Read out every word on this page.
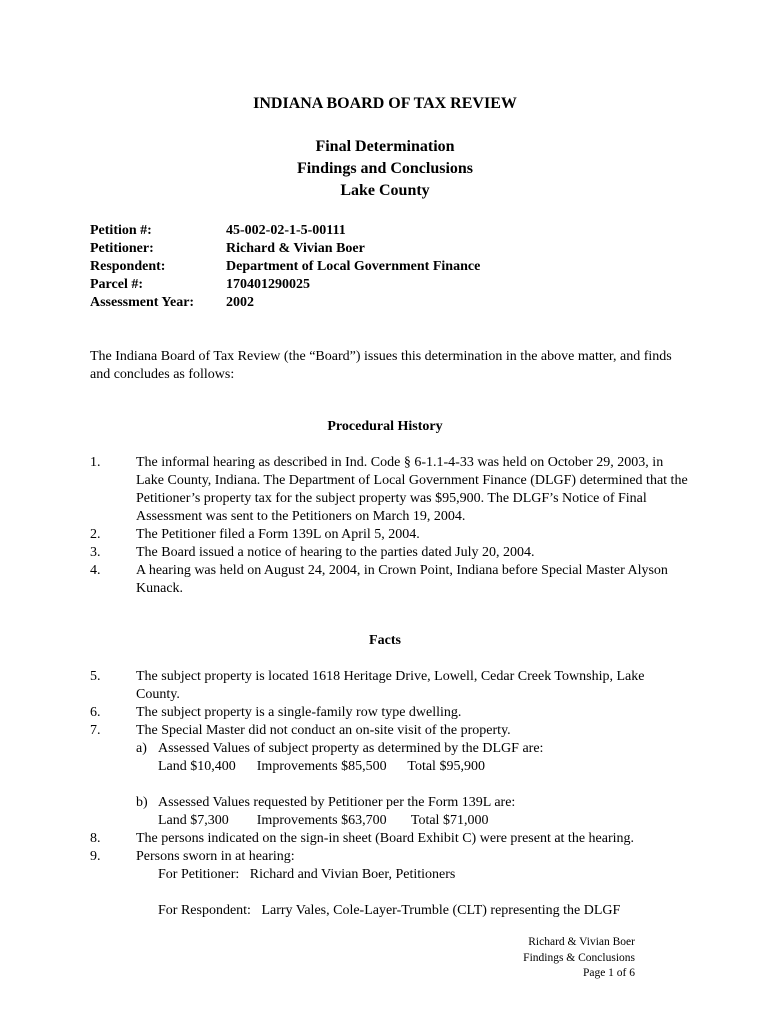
INDIANA BOARD OF TAX REVIEW
Final Determination
Findings and Conclusions
Lake County
Petition #:	45-002-02-1-5-00111
Petitioner:	Richard & Vivian Boer
Respondent:	Department of Local Government Finance
Parcel #:	170401290025
Assessment Year: 2002
The Indiana Board of Tax Review (the “Board”) issues this determination in the above matter, and finds and concludes as follows:
Procedural History
1.	The informal hearing as described in Ind. Code § 6-1.1-4-33 was held on October 29, 2003, in Lake County, Indiana. The Department of Local Government Finance (DLGF) determined that the Petitioner’s property tax for the subject property was $95,900. The DLGF’s Notice of Final Assessment was sent to the Petitioners on March 19, 2004.
2.	The Petitioner filed a Form 139L on April 5, 2004.
3.	The Board issued a notice of hearing to the parties dated July 20, 2004.
4.	A hearing was held on August 24, 2004, in Crown Point, Indiana before Special Master Alyson Kunack.
Facts
5.	The subject property is located 1618 Heritage Drive, Lowell, Cedar Creek Township, Lake County.
6.	The subject property is a single-family row type dwelling.
7.	The Special Master did not conduct an on-site visit of the property.
a) Assessed Values of subject property as determined by the DLGF are:
Land $10,400      Improvements $85,500      Total $95,900
b) Assessed Values requested by Petitioner per the Form 139L are:
Land $7,300        Improvements $63,700       Total $71,000
8.	The persons indicated on the sign-in sheet (Board Exhibit C) were present at the hearing.
9.	Persons sworn in at hearing:
For Petitioner:   Richard and Vivian Boer, Petitioners
For Respondent:   Larry Vales, Cole-Layer-Trumble (CLT) representing the DLGF
Richard & Vivian Boer
Findings & Conclusions
Page 1 of 6
